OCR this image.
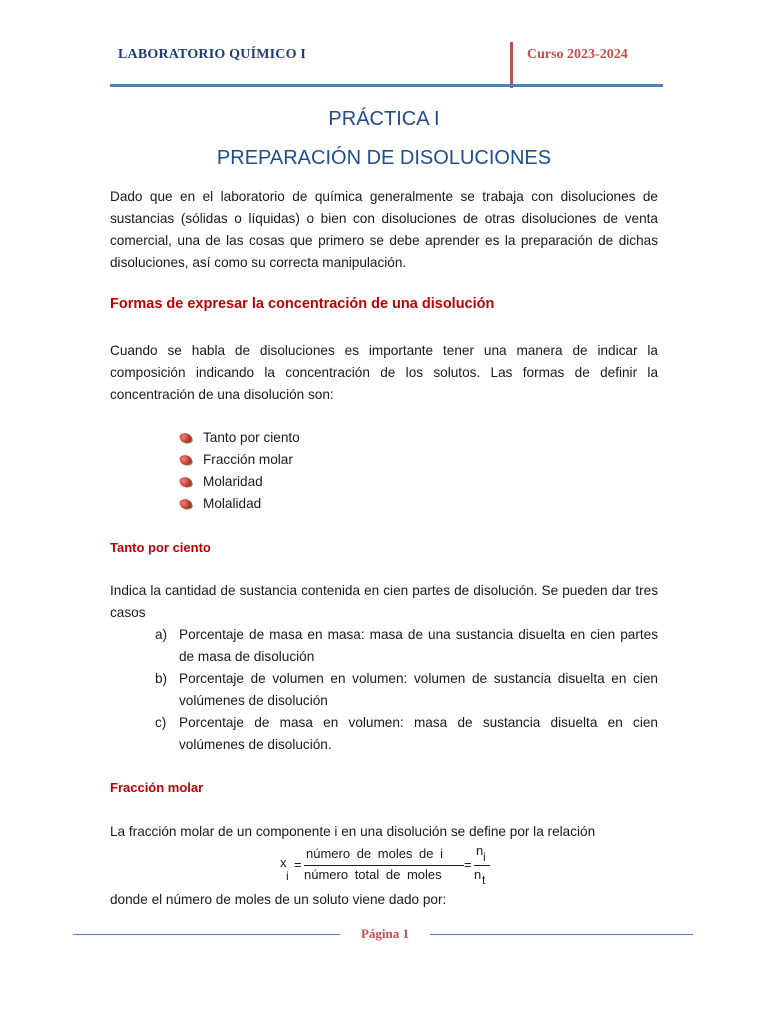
LABORATORIO QUÍMICO I	Curso 2023-2024
PRÁCTICA I
PREPARACIÓN DE DISOLUCIONES
Dado que en el laboratorio de química generalmente se trabaja con disoluciones de sustancias (sólidas o líquidas) o bien con disoluciones de otras disoluciones de venta comercial, una de las cosas que primero se debe aprender es la preparación de dichas disoluciones, así como su correcta manipulación.
Formas de expresar la concentración de una disolución
Cuando se habla de disoluciones es importante tener una manera de indicar la composición indicando la concentración de los solutos. Las formas de definir la concentración de una disolución son:
Tanto por ciento
Fracción molar
Molaridad
Molalidad
Tanto por ciento
Indica la cantidad de sustancia contenida en cien partes de disolución. Se pueden dar tres casos
a) Porcentaje de masa en masa: masa de una sustancia disuelta en cien partes de masa de disolución
b) Porcentaje de volumen en volumen: volumen de sustancia disuelta en cien volúmenes de disolución
c) Porcentaje de masa en volumen: masa de sustancia disuelta en cien volúmenes de disolución.
Fracción molar
La fracción molar de un componente i en una disolución se define por la relación
x
i
=
número de moles de i
número total de moles
=
n i
n t
donde el número de moles de un soluto viene dado por:
Página 1
